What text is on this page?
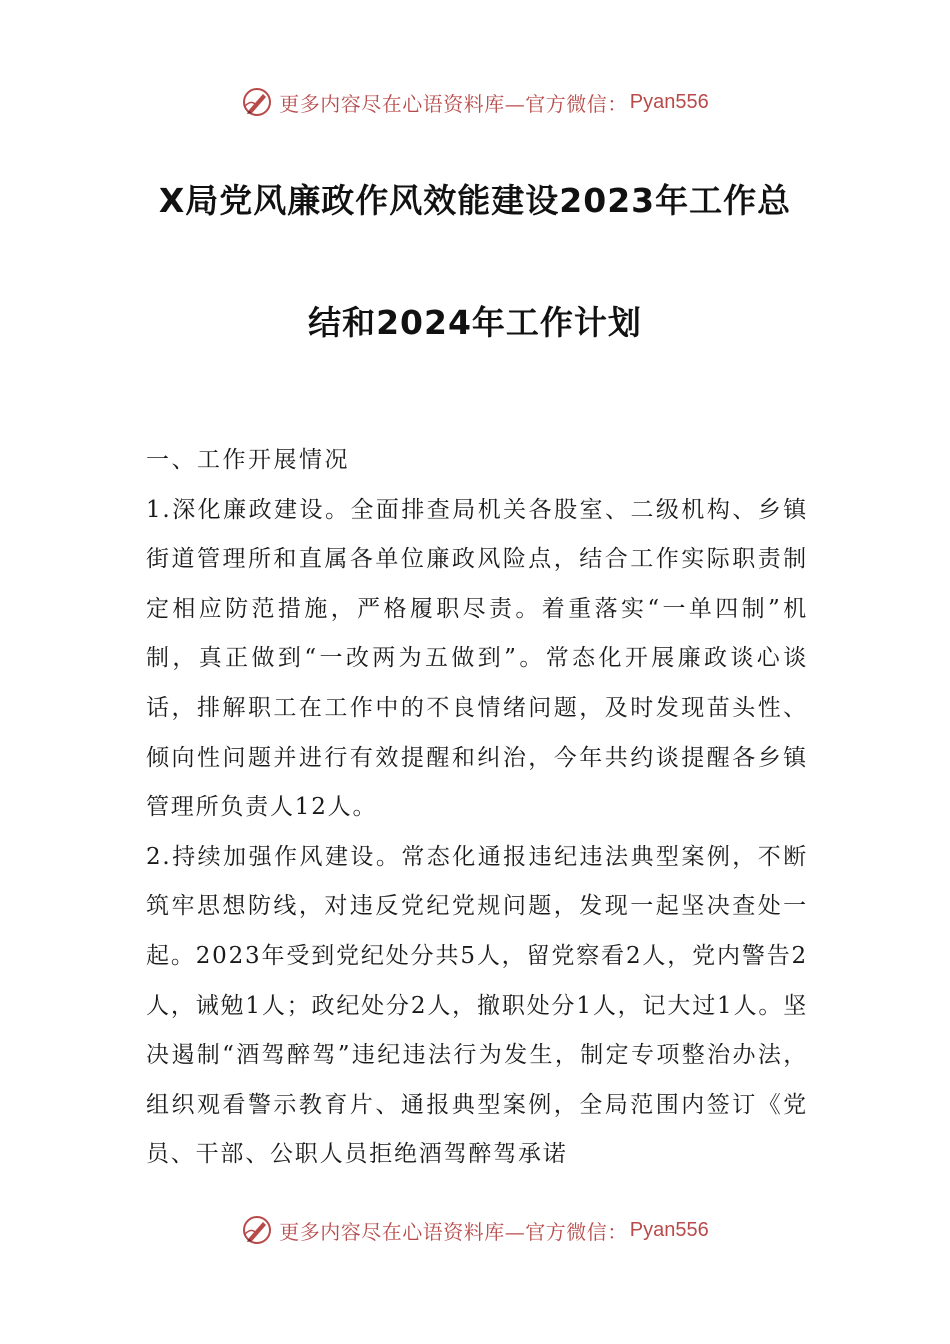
更多内容尽在心语资料库—官方微信： Pyan556
X局党风廉政作风效能建设2023年工作总
结和2024年工作计划

一、工作开展情况

1.深化廉政建设。全面排查局机关各股室、二级机构、乡镇街道管理所和直属各单位廉政风险点，结合工作实际职责制定相应防范措施，严格履职尽责。着重落实“一单四制”机制，真正做到“一改两为五做到”。常态化开展廉政谈心谈话，排解职工在工作中的不良情绪问题，及时发现苗头性、倾向性问题并进行有效提醒和纠治，今年共约谈提醒各乡镇管理所负责人12人。

2.持续加强作风建设。常态化通报违纪违法典型案例，不断筑牢思想防线，对违反党纪党规问题，发现一起坚决查处一起。2023年受到党纪处分共5人，留党察看2人，党内警告2人，诫勉1人；政纪处分2人，撤职处分1人，记大过1人。坚决遏制“酒驾醉驾”违纪违法行为发生，制定专项整治办法，组织观看警示教育片、通报典型案例，全局范围内签订《党员、干部、公职人员拒绝酒驾醉驾承诺

更多内容尽在心语资料库—官方微信： Pyan556
